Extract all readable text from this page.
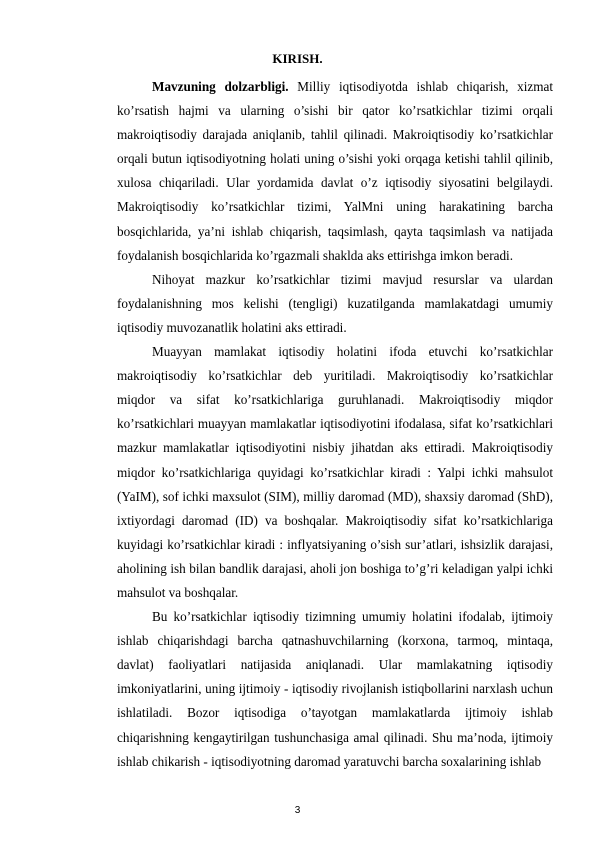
KIRISH.

Mavzuning dolzarbligi. Milliy iqtisodiyotda ishlab chiqarish, xizmat ko’rsatish hajmi va ularning o’sishi bir qator ko’rsatkichlar tizimi orqali makroiqtisodiy darajada aniqlanib, tahlil qilinadi. Makroiqtisodiy ko’rsatkichlar orqali butun iqtisodiyotning holati uning o’sishi yoki orqaga ketishi tahlil qilinib, xulosa chiqariladi. Ular yordamida davlat o’z iqtisodiy siyosatini belgilaydi. Makroiqtisodiy ko’rsatkichlar tizimi, YalMni uning harakatining barcha bosqichlarida, ya’ni ishlab chiqarish, taqsimlash, qayta taqsimlash va natijada foydalanish bosqichlarida ko’rgazmali shaklda aks ettirishga imkon beradi.

Nihoyat mazkur ko’rsatkichlar tizimi mavjud resurslar va ulardan foydalanishning mos kelishi (tengligi) kuzatilganda mamlakatdagi umumiy iqtisodiy muvozanatlik holatini aks ettiradi.

Muayyan mamlakat iqtisodiy holatini ifoda etuvchi ko’rsatkichlar makroiqtisodiy ko’rsatkichlar deb yuritiladi. Makroiqtisodiy ko’rsatkichlar miqdor va sifat ko’rsatkichlariga guruhlanadi. Makroiqtisodiy miqdor ko’rsatkichlari muayyan mamlakatlar iqtisodiyotini ifodalasa, sifat ko’rsatkichlari mazkur mamlakatlar iqtisodiyotini nisbiy jihatdan aks ettiradi. Makroiqtisodiy miqdor ko’rsatkichlariga quyidagi ko’rsatkichlar kiradi : Yalpi ichki mahsulot (YaIM), sof ichki maxsulot (SIM), milliy daromad (MD), shaxsiy daromad (ShD), ixtiyordagi daromad (ID) va boshqalar. Makroiqtisodiy sifat ko’rsatkichlariga kuyidagi ko’rsatkichlar kiradi : inflyatsiyaning o’sish sur’atlari, ishsizlik darajasi, aholining ish bilan bandlik darajasi, aholi jon boshiga to’g’ri keladigan yalpi ichki mahsulot va boshqalar.

Bu ko’rsatkichlar iqtisodiy tizimning umumiy holatini ifodalab, ijtimoiy ishlab chiqarishdagi barcha qatnashuvchilarning (korxona, tarmoq, mintaqa, davlat) faoliyatlari natijasida aniqlanadi. Ular mamlakatning iqtisodiy imkoniyatlarini, uning ijtimoiy - iqtisodiy rivojlanish istiqbollarini narxlash uchun ishlatiladi. Bozor iqtisodiga o’tayotgan mamlakatlarda ijtimoiy ishlab chiqarishning kengaytirilgan tushunchasiga amal qilinadi. Shu ma’noda, ijtimoiy ishlab chikarish - iqtisodiyotning daromad yaratuvchi barcha soxalarining ishlab

3
